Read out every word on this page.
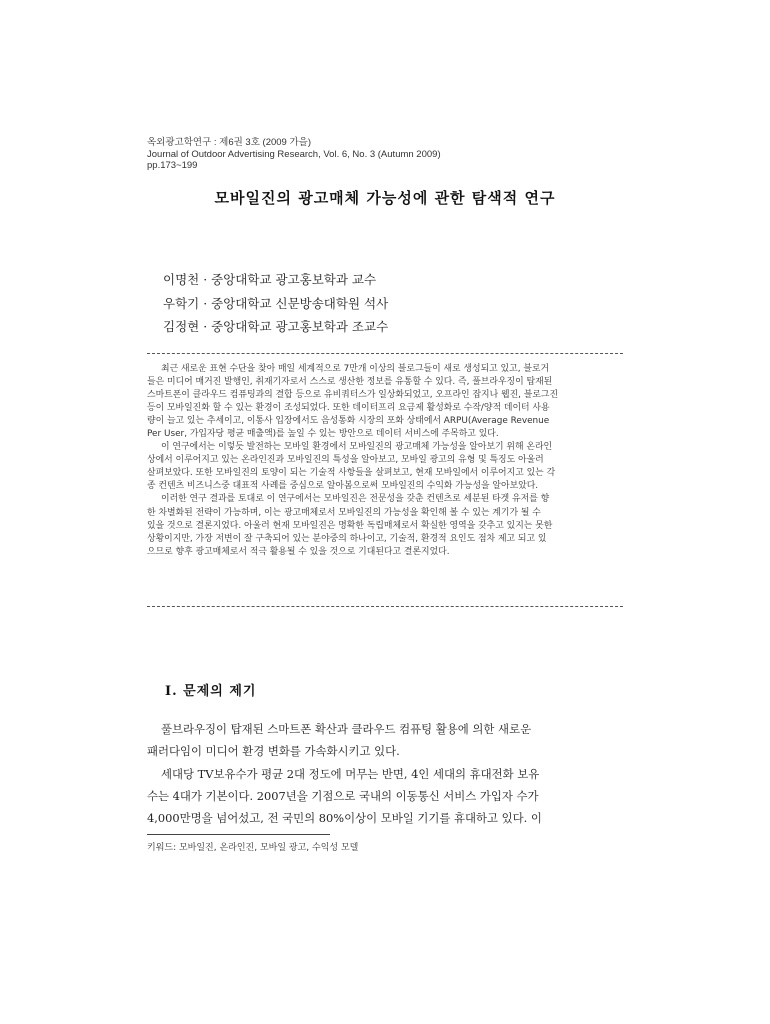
옥외광고학연구 : 제6권 3호 (2009 가을)
Journal of Outdoor Advertising Research, Vol. 6, No. 3 (Autumn 2009)
pp.173~199
모바일진의 광고매체 가능성에 관한 탐색적 연구
이명천 · 중앙대학교 광고홍보학과 교수
우학기 · 중앙대학교 신문방송대학원 석사
김정현 · 중앙대학교 광고홍보학과 조교수
최근 새로운 표현 수단을 찾아 매일 세계적으로 7만개 이상의 블로그들이 새로 생성되고 있고, 블로거
들은 미디어 매거진 발행인, 취재기자로서 스스로 생산한 정보를 유통할 수 있다. 즉, 풀브라우징이 탑재된
스마트폰이 클라우드 컴퓨팅과의 결합 등으로 유비쿼터스가 일상화되었고, 오프라인 잡지나 웹진, 블로그진
등이 모바일진화 할 수 있는 환경이 조성되었다. 또한 데이터프리 요금제 활성화로 수작/양적 데이터 사용
량이 늘고 있는 추세이고, 이통사 입장에서도 음성통화 시장의 포화 상태에서 ARPU(Average Revenue
Per User, 가입자당 평균 매출액)를 높일 수 있는 방안으로 데이터 서비스에 주목하고 있다.
이 연구에서는 이렇듯 발전하는 모바일 환경에서 모바일진의 광고매체 가능성을 알아보기 위해 온라인
상에서 이루어지고 있는 온라인진과 모바일진의 특성을 알아보고, 모바일 광고의 유형 및 특징도 아울러
살펴보았다. 또한 모바일진의 토양이 되는 기술적 사항들을 살펴보고, 현재 모바일에서 이루어지고 있는 각
종 컨텐츠 비즈니스중 대표적 사례를 중심으로 알아봄으로써 모바일진의 수익화 가능성을 알아보았다.
이러한 연구 결과를 토대로 이 연구에서는 모바일진은 전문성을 갖춘 컨텐츠로 세분된 타겟 유저를 향
한 차별화된 전략이 가능하며, 이는 광고매체로서 모바일진의 가능성을 확인해 볼 수 있는 계기가 될 수
있을 것으로 결론지었다. 아울러 현재 모바일진은 명확한 독립매체로서 확실한 영역을 갖추고 있지는 못한
상황이지만, 가장 저변이 잘 구축되어 있는 분야중의 하나이고, 기술적, 환경적 요인도 점차 제고 되고 있
으므로 향후 광고매체로서 적극 활용될 수 있을 것으로 기대된다고 결론지었다.
Ⅰ. 문제의 제기
풀브라우징이 탑재된 스마트폰 확산과 클라우드 컴퓨팅 활용에 의한 새로운
패러다임이 미디어 환경 변화를 가속화시키고 있다.
세대당 TV보유수가 평균 2대 정도에 머무는 반면, 4인 세대의 휴대전화 보유
수는 4대가 기본이다. 2007년을 기점으로 국내의 이동통신 서비스 가입자 수가
4,000만명을 넘어섰고, 전 국민의 80%이상이 모바일 기기를 휴대하고 있다. 이
키워드: 모바일진, 온라인진, 모바일 광고, 수익성 모델
